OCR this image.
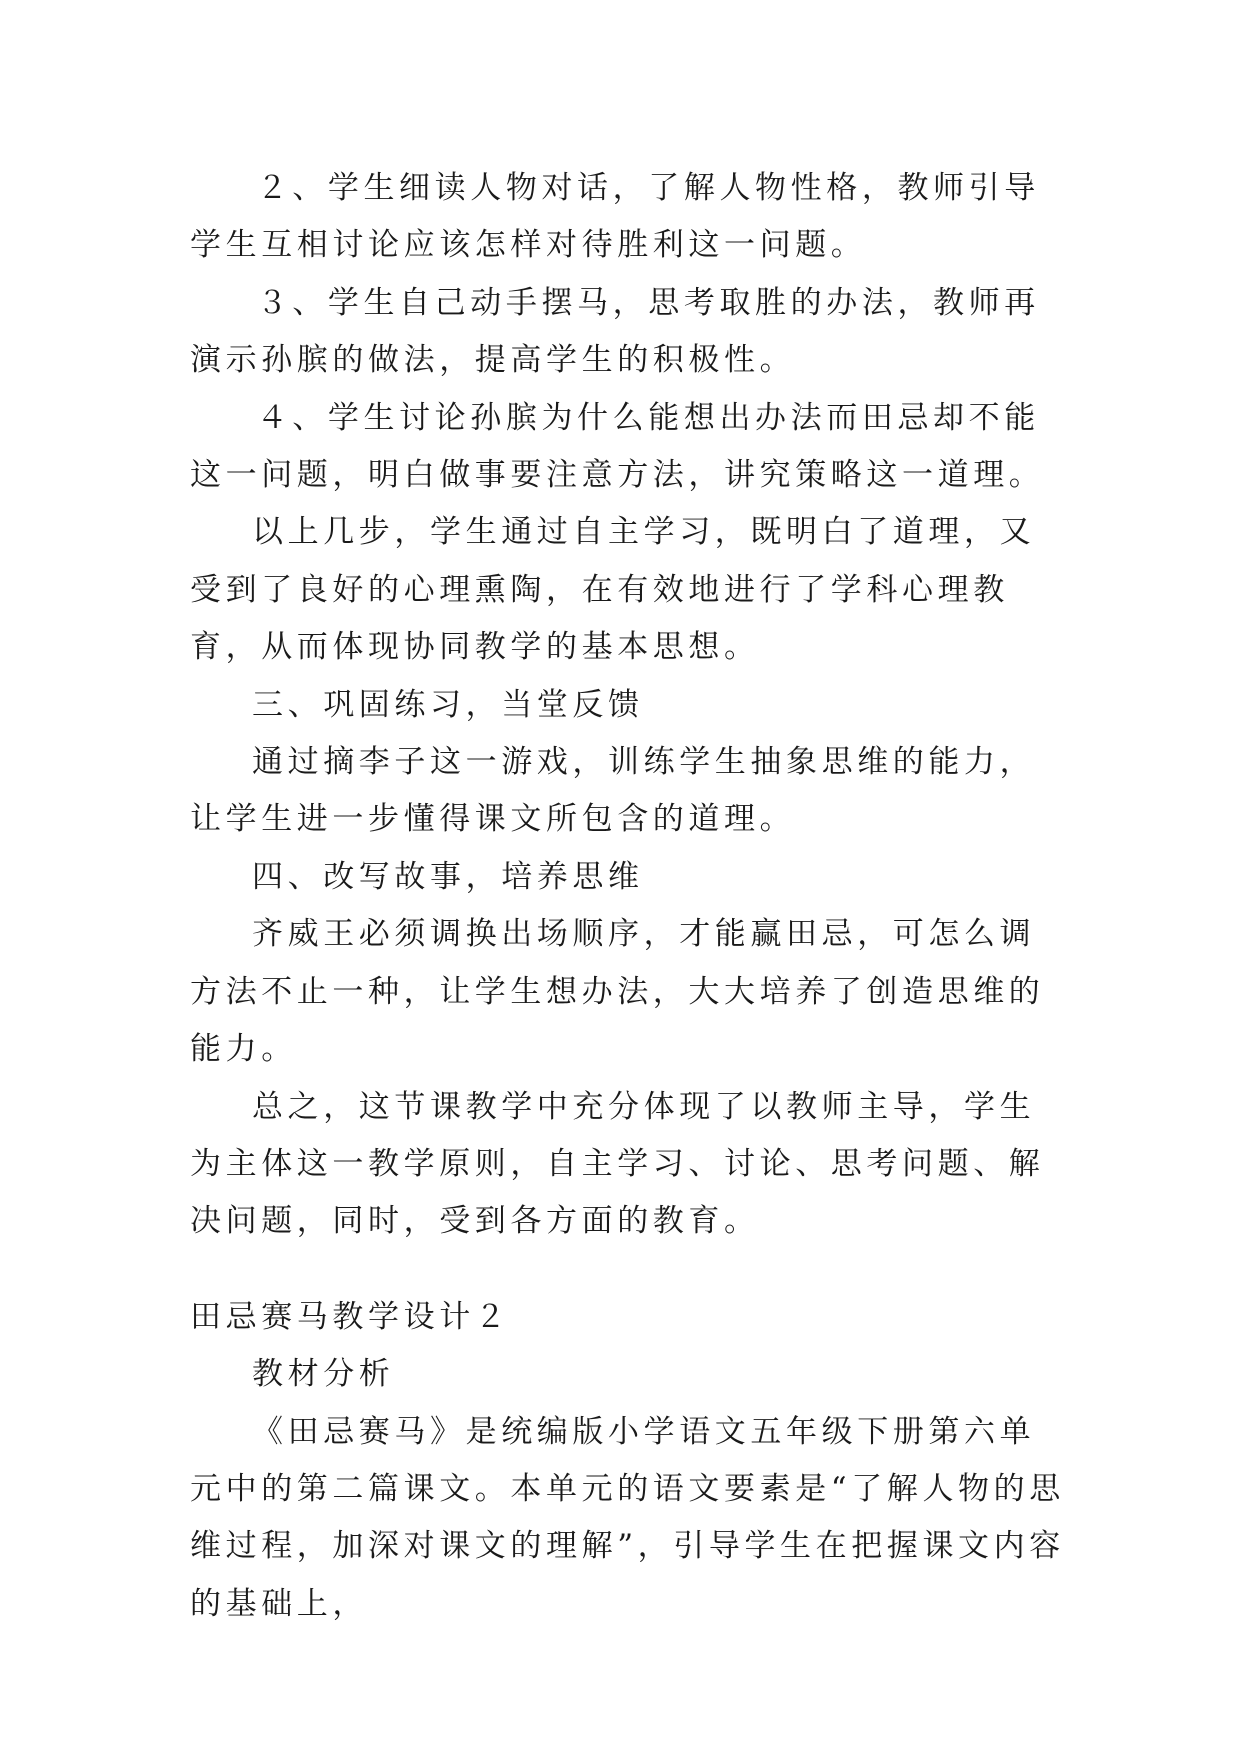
２、学生细读人物对话，了解人物性格，教师引导学生互相讨论应该怎样对待胜利这一问题。

３、学生自己动手摆马，思考取胜的办法，教师再演示孙膑的做法，提高学生的积极性。

４、学生讨论孙膑为什么能想出办法而田忌却不能这一问题，明白做事要注意方法，讲究策略这一道理。

以上几步，学生通过自主学习，既明白了道理，又受到了良好的心理熏陶，在有效地进行了学科心理教育，从而体现协同教学的基本思想。

三、巩固练习，当堂反馈

通过摘李子这一游戏，训练学生抽象思维的能力，让学生进一步懂得课文所包含的道理。

四、改写故事，培养思维

齐威王必须调换出场顺序，才能赢田忌，可怎么调方法不止一种，让学生想办法，大大培养了创造思维的能力。

总之，这节课教学中充分体现了以教师主导，学生为主体这一教学原则，自主学习、讨论、思考问题、解决问题，同时，受到各方面的教育。

田忌赛马教学设计２

教材分析

《田忌赛马》是统编版小学语文五年级下册第六单元中的第二篇课文。本单元的语文要素是“了解人物的思维过程，加深对课文的理解”，引导学生在把握课文内容的基础上，
